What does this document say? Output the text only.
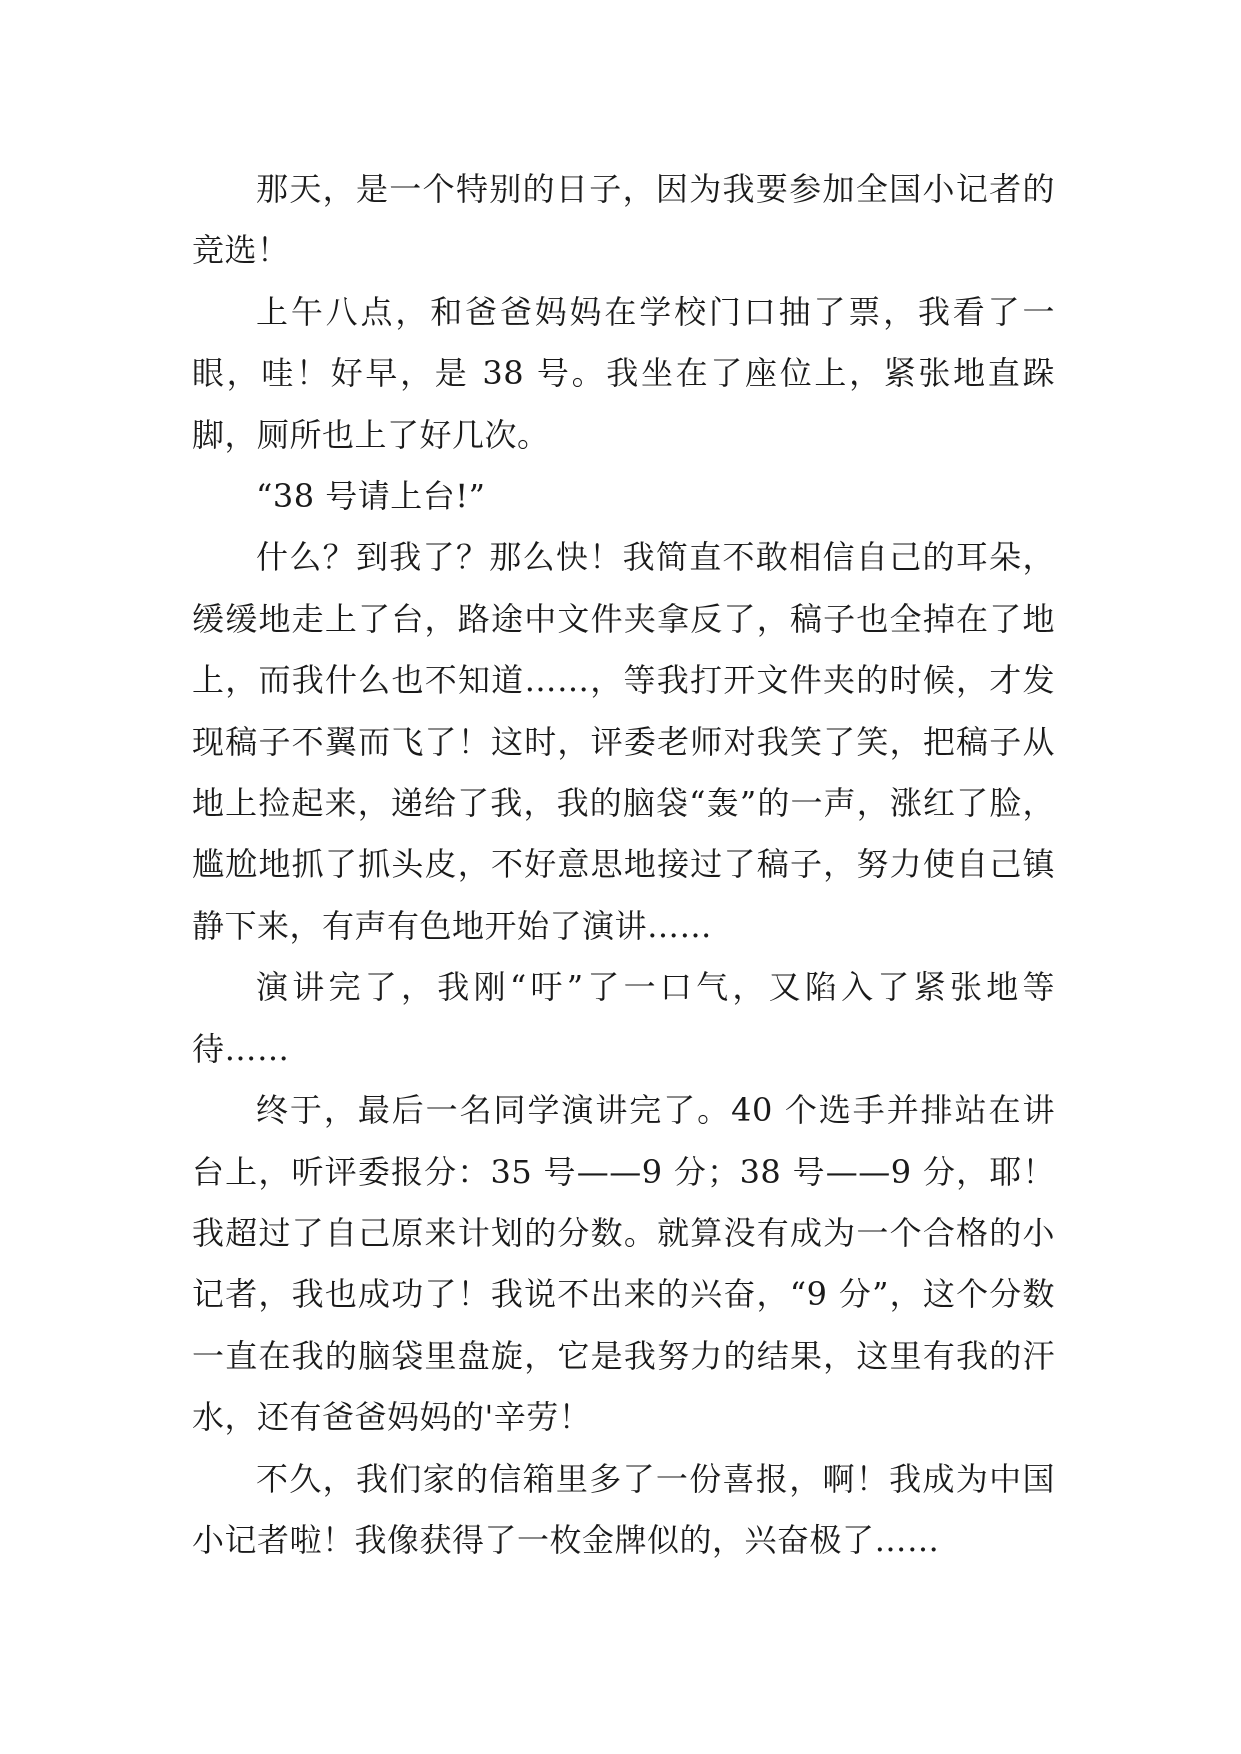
那天，是一个特别的日子，因为我要参加全国小记者的竞选！

上午八点，和爸爸妈妈在学校门口抽了票，我看了一眼，哇！好早，是 38 号。我坐在了座位上，紧张地直跺脚，厕所也上了好几次。

“38 号请上台!”

什么？到我了？那么快！我简直不敢相信自己的耳朵，缓缓地走上了台，路途中文件夹拿反了，稿子也全掉在了地上，而我什么也不知道……，等我打开文件夹的时候，才发现稿子不翼而飞了！这时，评委老师对我笑了笑，把稿子从地上捡起来，递给了我，我的脑袋“轰”的一声，涨红了脸，尴尬地抓了抓头皮，不好意思地接过了稿子，努力使自己镇静下来，有声有色地开始了演讲……

演讲完了，我刚“吁”了一口气，又陷入了紧张地等待……

终于，最后一名同学演讲完了。40 个选手并排站在讲台上，听评委报分：35 号——9 分；38 号——9 分，耶！我超过了自己原来计划的分数。就算没有成为一个合格的小记者，我也成功了！我说不出来的兴奋，“9 分”，这个分数一直在我的脑袋里盘旋，它是我努力的结果，这里有我的汗水，还有爸爸妈妈的'辛劳！

不久，我们家的信箱里多了一份喜报，啊！我成为中国小记者啦！我像获得了一枚金牌似的，兴奋极了……
